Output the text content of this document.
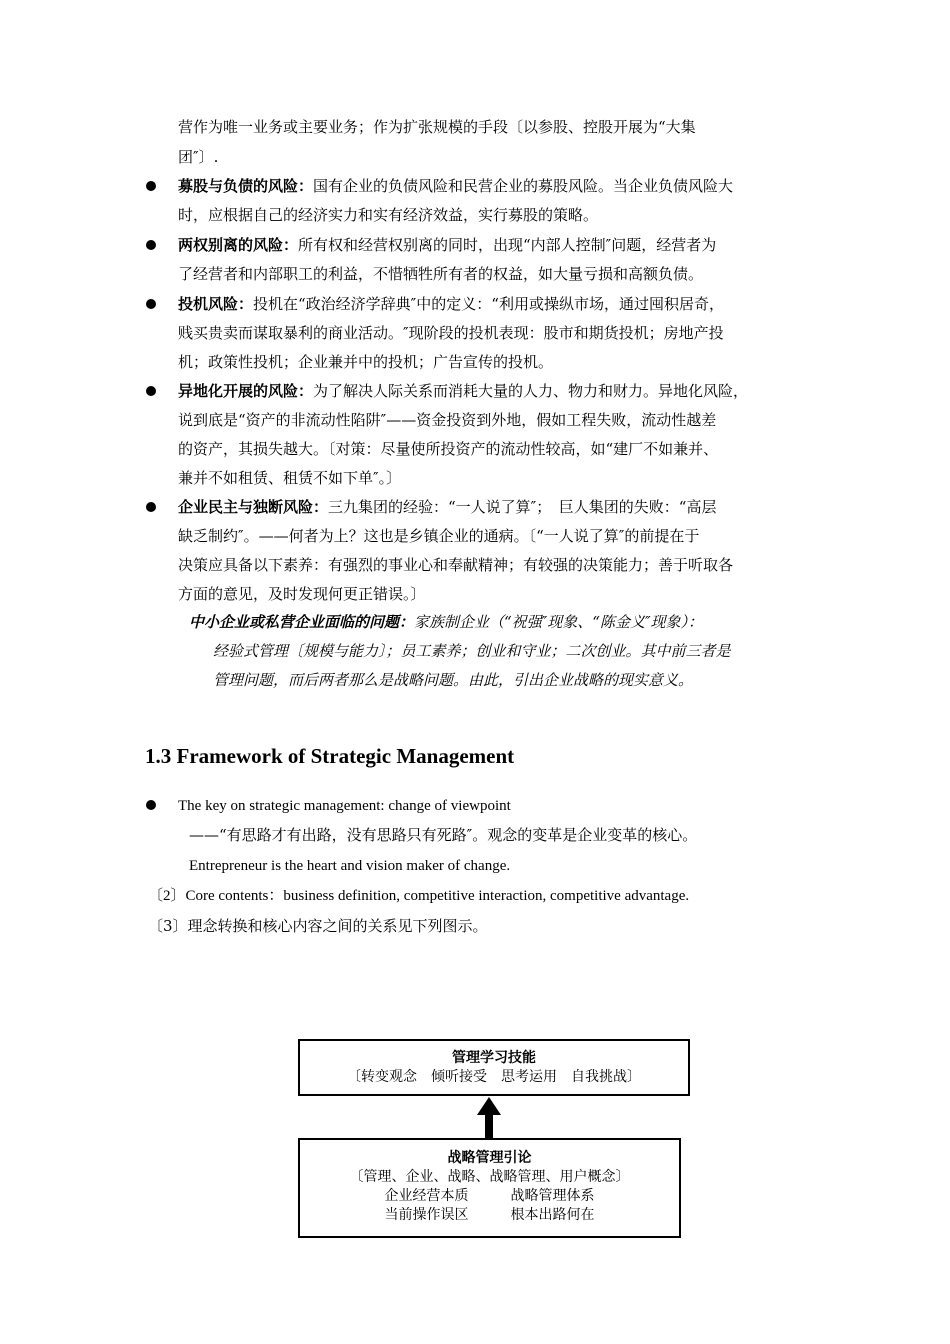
营作为唯一业务或主要业务；作为扩张规模的手段〔以参股、控股开展为“大集
团″〕.
募股与负债的风险：国有企业的负债风险和民营企业的募股风险。当企业负债风险大
时，应根据自己的经济实力和实有经济效益，实行募股的策略。
两权别离的风险：所有权和经营权别离的同时，出现“内部人控制″问题，经营者为
了经营者和内部职工的利益，不惜牺牲所有者的权益，如大量亏损和高额负债。
投机风险：投机在“政治经济学辞典″中的定义：“利用或操纵市场，通过囤积居奇，
贱买贵卖而谋取暴利的商业活动。″现阶段的投机表现：股市和期货投机；房地产投
机；政策性投机；企业兼并中的投机；广告宣传的投机。
异地化开展的风险：为了解决人际关系而消耗大量的人力、物力和财力。异地化风险，
说到底是“资产的非流动性陷阱″——资金投资到外地，假如工程失败，流动性越差
的资产，其损失越大。〔对策：尽量使所投资产的流动性较高，如“建厂不如兼并、
兼并不如租赁、租赁不如下单″。〕
企业民主与独断风险：三九集团的经验：“一人说了算″；　巨人集团的失败：“高层
缺乏制约″。——何者为上？这也是乡镇企业的通病。〔“一人说了算″的前提在于
决策应具备以下素养：有强烈的事业心和奉献精神；有较强的决策能力；善于听取各
方面的意见，及时发现何更正错误。〕
中小企业或私营企业面临的问题：家族制企业（“祝强″现象、“陈金义″现象）：
经验式管理〔规模与能力〕；员工素养；创业和守业；二次创业。其中前三者是
管理问题，而后两者那么是战略问题。由此，引出企业战略的现实意义。
1.3 Framework of Strategic Management
The key on strategic management: change of viewpoint
——“有思路才有出路，没有思路只有死路″。观念的变革是企业变革的核心。
Entrepreneur is the heart and vision maker of change.
〔2〕Core contents：business definition, competitive interaction, competitive advantage.
〔3〕理念转换和核心内容之间的关系见下列图示。
管理学习技能
〔转变观念　倾听接受　思考运用　自我挑战〕
战略管理引论
〔管理、企业、战略、战略管理、用户概念〕
企业经营本质　　　战略管理体系
当前操作误区　　　根本出路何在
